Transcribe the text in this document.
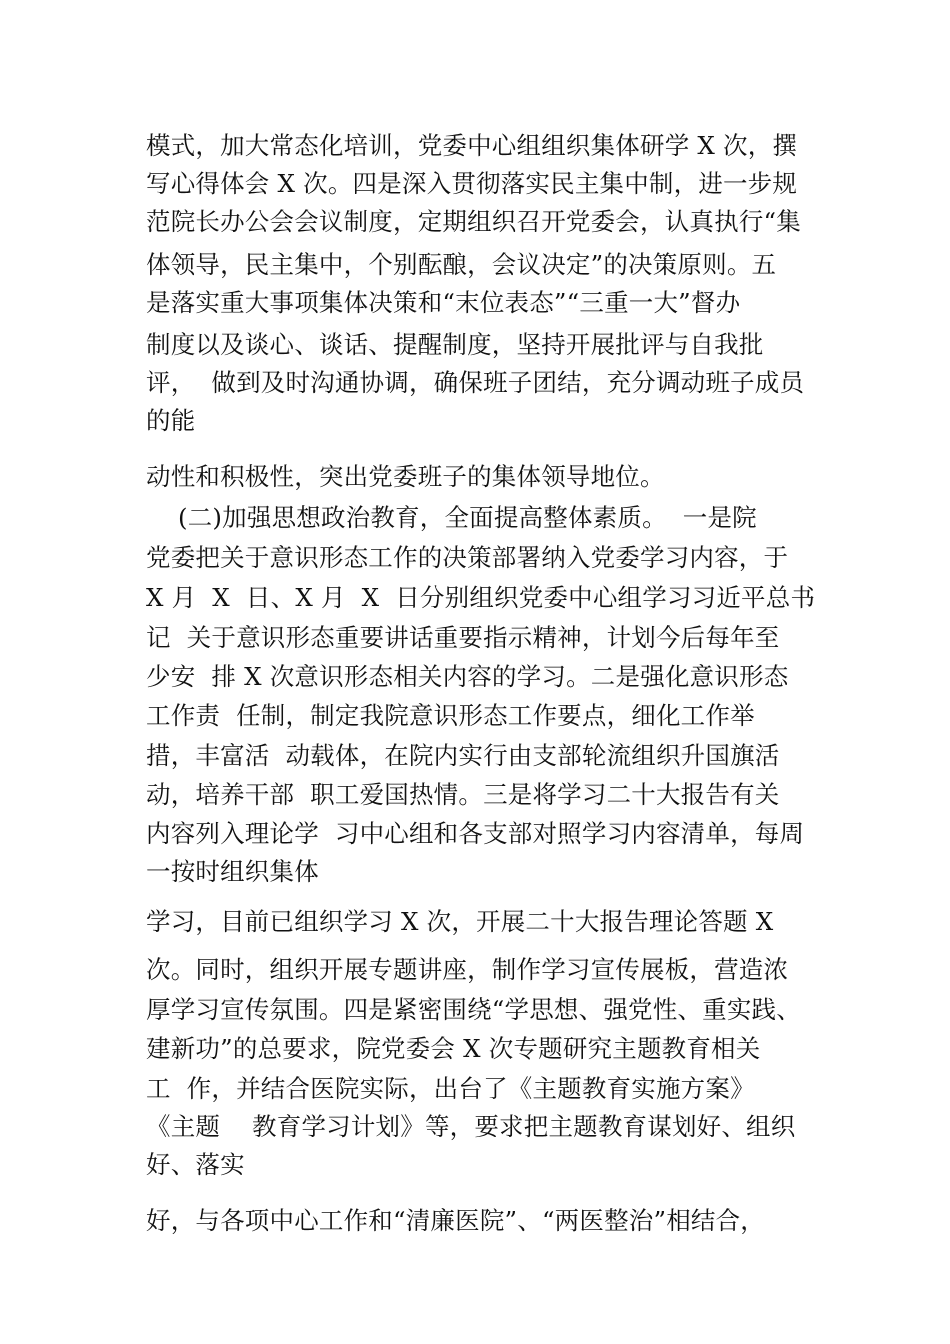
模式，加大常态化培训，党委中心组组织集体研学 X 次，撰
写心得体会 X 次。四是深入贯彻落实民主集中制，进一步规
范院长办公会会议制度，定期组织召开党委会，认真执行“集
体领导，民主集中，个别酝酿，会议决定”的决策原则。五
是落实重大事项集体决策和“末位表态”“三重一大”督办
制度以及谈心、谈话、提醒制度，坚持开展批评与自我批
评，  做到及时沟通协调，确保班子团结，充分调动班子成员
的能
动性和积极性，突出党委班子的集体领导地位。
(二)加强思想政治教育，全面提高整体素质。  一是院
党委把关于意识形态工作的决策部署纳入党委学习内容，于
X 月  X  日、X 月  X  日分别组织党委中心组学习习近平总书
记  关于意识形态重要讲话重要指示精神，计划今后每年至
少安  排 X 次意识形态相关内容的学习。二是强化意识形态
工作责  任制，制定我院意识形态工作要点，细化工作举
措，丰富活  动载体，在院内实行由支部轮流组织升国旗活
动，培养干部  职工爱国热情。三是将学习二十大报告有关
内容列入理论学  习中心组和各支部对照学习内容清单，每周
一按时组织集体
学习，目前已组织学习 X 次，开展二十大报告理论答题 X
次。同时，组织开展专题讲座，制作学习宣传展板，营造浓
厚学习宣传氛围。四是紧密围绕“学思想、强党性、重实践、
建新功”的总要求，院党委会 X 次专题研究主题教育相关
工  作，并结合医院实际，出台了《主题教育实施方案》
《主题    教育学习计划》等，要求把主题教育谋划好、组织
好、落实
好，与各项中心工作和“清廉医院”、“两医整治”相结合，
